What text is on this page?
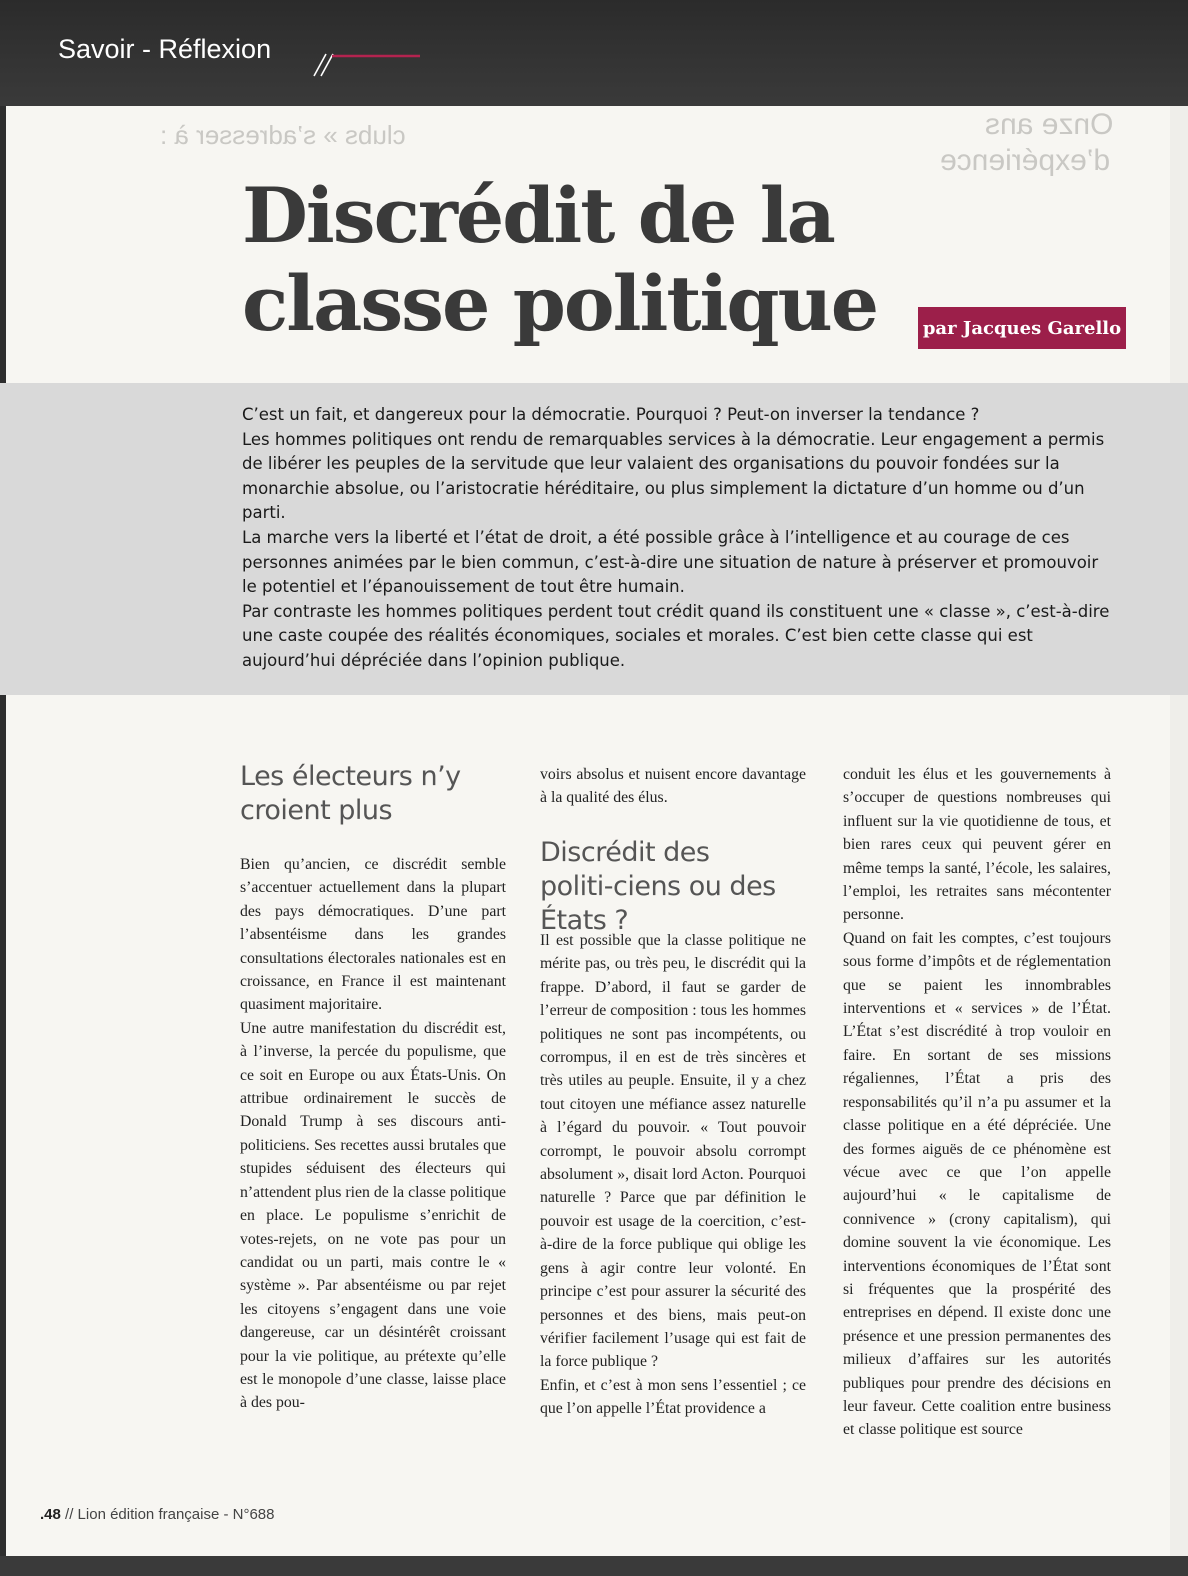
Savoir - Réflexion
Onze ans
d’expérience
clubs » s’adresser à :
Discrédit de la classe politique	par Jacques Garello

C’est un fait, et dangereux pour la démocratie. Pourquoi ? Peut-on inverser la tendance ?

Les hommes politiques ont rendu de remarquables services à la démocratie. Leur engagement a permis de libérer les peuples de la servitude que leur valaient des organisations du pouvoir fondées sur la monarchie absolue, ou l’aristocratie héréditaire, ou plus simplement la dictature d’un homme ou d’un parti.

La marche vers la liberté et l’état de droit, a été possible grâce à l’intelligence et au courage de ces personnes animées par le bien commun, c’est-à-dire une situation de nature à préserver et promouvoir le potentiel et l’épanouissement de tout être humain.

Par contraste les hommes politiques perdent tout crédit quand ils constituent une « classe », c’est-à-dire une caste coupée des réalités économiques, sociales et morales. C’est bien cette classe qui est aujourd’hui dépréciée dans l’opinion publique.

Les électeurs n’y croient plus

Bien qu’ancien, ce discrédit semble s’accentuer actuellement dans la plupart des pays démocratiques. D’une part l’absentéisme dans les grandes consultations électorales nationales est en croissance, en France il est maintenant quasiment majoritaire.

Une autre manifestation du discrédit est, à l’inverse, la percée du populisme, que ce soit en Europe ou aux États-Unis. On attribue ordinairement le succès de Donald Trump à ses discours anti-politiciens. Ses recettes aussi brutales que stupides séduisent des électeurs qui n’attendent plus rien de la classe politique en place. Le populisme s’enrichit de votes-rejets, on ne vote pas pour un candidat ou un parti, mais contre le « système ». Par absentéisme ou par rejet les citoyens s’engagent dans une voie dangereuse, car un désintérêt croissant pour la vie politique, au prétexte qu’elle est le monopole d’une classe, laisse place à des pou-

voirs absolus et nuisent encore davantage à la qualité des élus.

Discrédit des politi-ciens ou des États ?

Il est possible que la classe politique ne mérite pas, ou très peu, le discrédit qui la frappe. D’abord, il faut se garder de l’erreur de composition : tous les hommes politiques ne sont pas incompétents, ou corrompus, il en est de très sincères et très utiles au peuple. Ensuite, il y a chez tout citoyen une méfiance assez naturelle à l’égard du pouvoir. « Tout pouvoir corrompt, le pouvoir absolu corrompt absolument », disait lord Acton. Pourquoi naturelle ? Parce que par définition le pouvoir est usage de la coercition, c’est-à-dire de la force publique qui oblige les gens à agir contre leur volonté. En principe c’est pour assurer la sécurité des personnes et des biens, mais peut-on vérifier facilement l’usage qui est fait de la force publique ?

Enfin, et c’est à mon sens l’essentiel ; ce que l’on appelle l’État providence a

conduit les élus et les gouvernements à s’occuper de questions nombreuses qui influent sur la vie quotidienne de tous, et bien rares ceux qui peuvent gérer en même temps la santé, l’école, les salaires, l’emploi, les retraites sans mécontenter personne.

Quand on fait les comptes, c’est toujours sous forme d’impôts et de réglementation que se paient les innombrables interventions et « services » de l’État. L’État s’est discrédité à trop vouloir en faire. En sortant de ses missions régaliennes, l’État a pris des responsabilités qu’il n’a pu assumer et la classe politique en a été dépréciée. Une des formes aiguës de ce phénomène est vécue avec ce que l’on appelle aujourd’hui « le capitalisme de connivence » (crony capitalism), qui domine souvent la vie économique. Les interventions économiques de l’État sont si fréquentes que la prospérité des entreprises en dépend. Il existe donc une présence et une pression permanentes des milieux d’affaires sur les autorités publiques pour prendre des décisions en leur faveur. Cette coalition entre business et classe politique est source

.48 // Lion édition française - N°688
